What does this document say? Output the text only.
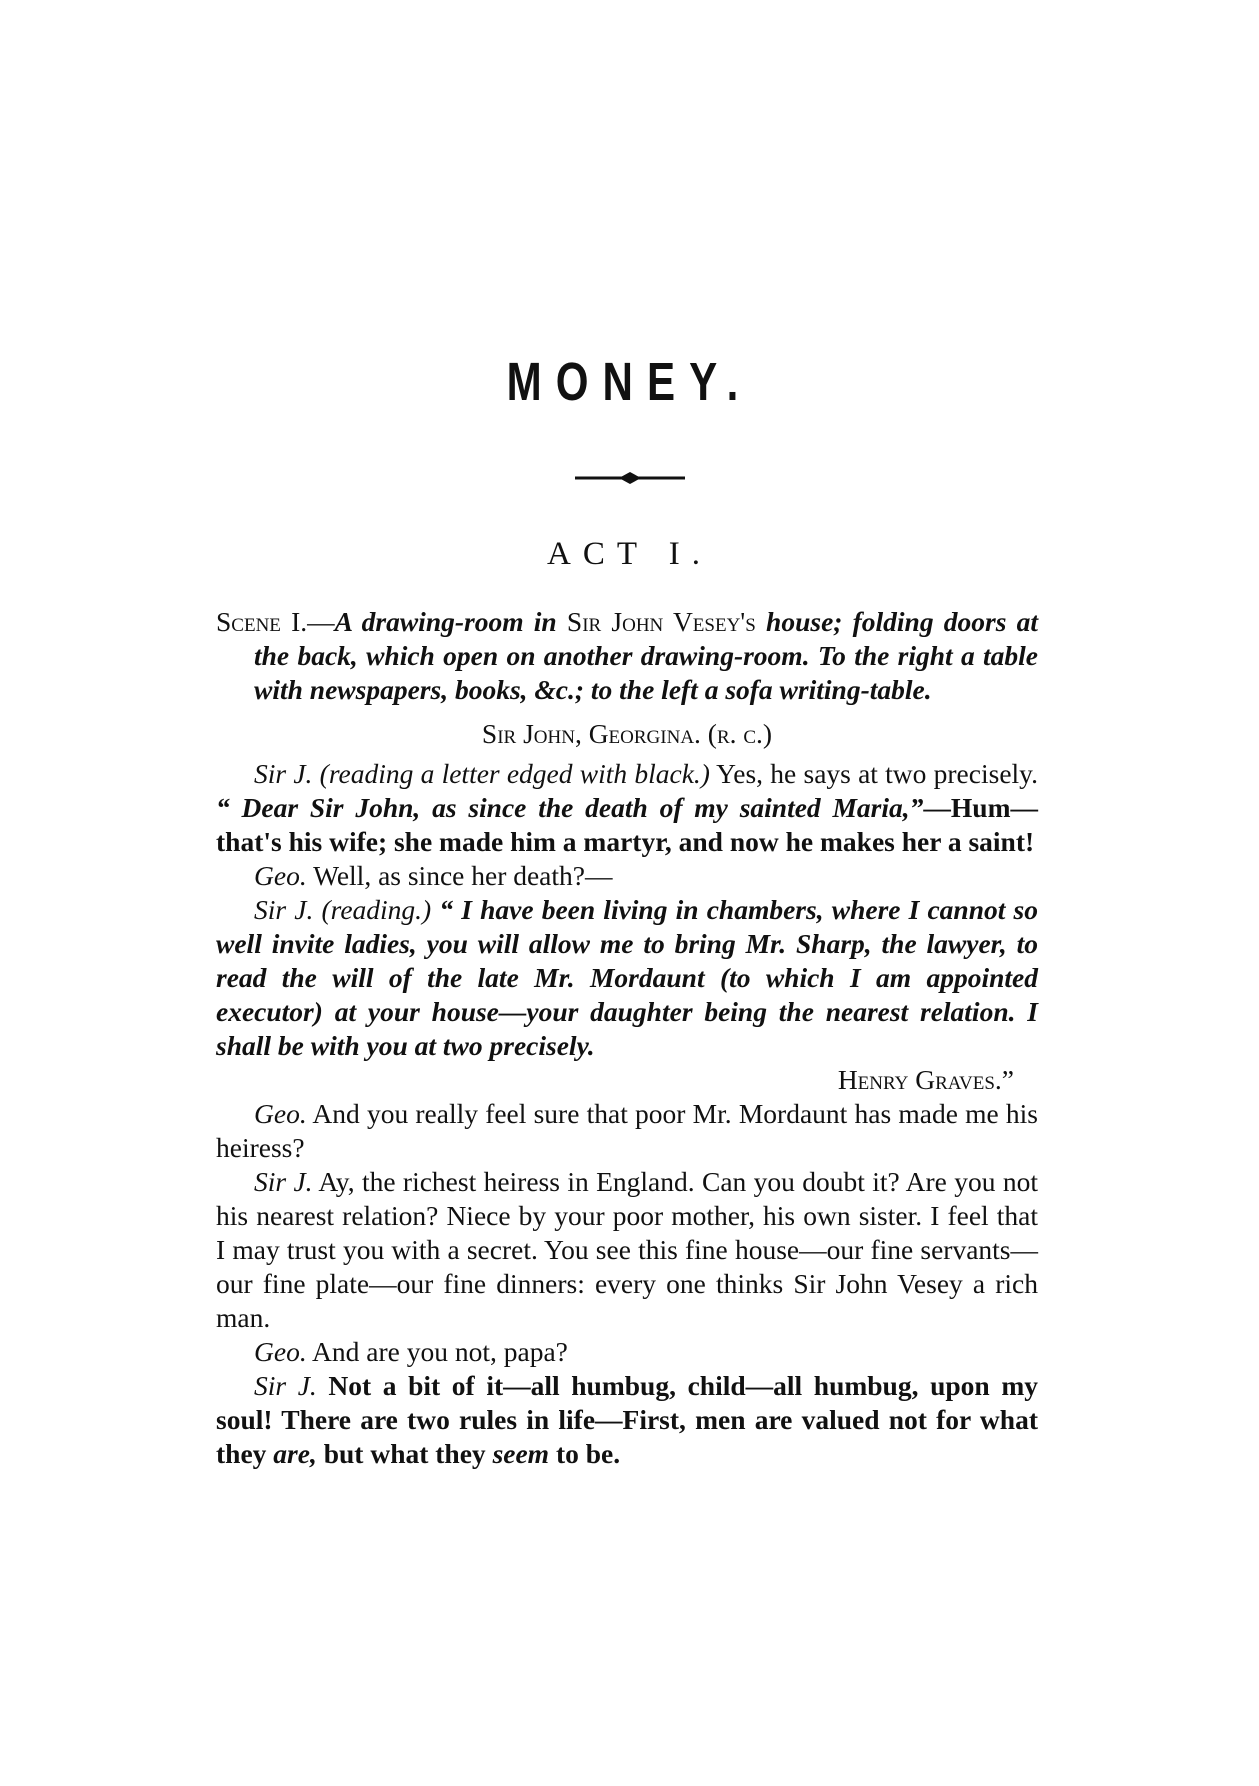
MONEY.
ACT I.

Scene I.—A drawing-room in Sir John Vesey's house; folding doors at the back, which open on another drawing-room. To the right a table with newspapers, books, &c.; to the left a sofa writing-table.

Sir John, Georgina. (r. c.)

Sir J. (reading a letter edged with black.) Yes, he says at two precisely. “ Dear Sir John, as since the death of my sainted Maria,”—Hum—that's his wife; she made him a martyr, and now he makes her a saint!

Geo. Well, as since her death?—

Sir J. (reading.) “ I have been living in chambers, where I cannot so well invite ladies, you will allow me to bring Mr. Sharp, the lawyer, to read the will of the late Mr. Mordaunt (to which I am appointed executor) at your house—your daughter being the nearest relation. I shall be with you at two precisely.

Henry Graves.”

Geo. And you really feel sure that poor Mr. Mordaunt has made me his heiress?

Sir J. Ay, the richest heiress in England. Can you doubt it? Are you not his nearest relation? Niece by your poor mother, his own sister. I feel that I may trust you with a secret. You see this fine house—our fine servants—our fine plate—our fine dinners: every one thinks Sir John Vesey a rich man.

Geo. And are you not, papa?

Sir J. Not a bit of it—all humbug, child—all humbug, upon my soul! There are two rules in life—First, men are valued not for what they are, but what they seem to be.
